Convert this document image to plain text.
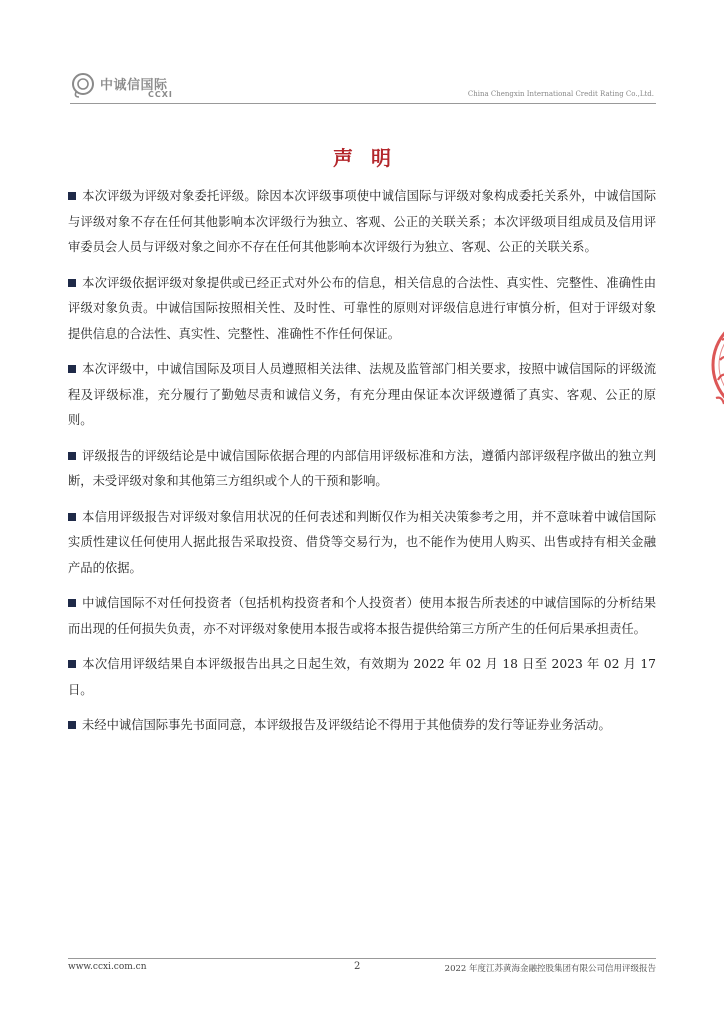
中诚信国际
CCXI	China Chengxin International Credit Rating Co.,Ltd.
声明
本次评级为评级对象委托评级。除因本次评级事项使中诚信国际与评级对象构成委托关系外，中诚信国际与评级对象不存在任何其他影响本次评级行为独立、客观、公正的关联关系；本次评级项目组成员及信用评审委员会人员与评级对象之间亦不存在任何其他影响本次评级行为独立、客观、公正的关联关系。
本次评级依据评级对象提供或已经正式对外公布的信息，相关信息的合法性、真实性、完整性、准确性由评级对象负责。中诚信国际按照相关性、及时性、可靠性的原则对评级信息进行审慎分析，但对于评级对象提供信息的合法性、真实性、完整性、准确性不作任何保证。
本次评级中，中诚信国际及项目人员遵照相关法律、法规及监管部门相关要求，按照中诚信国际的评级流程及评级标准，充分履行了勤勉尽责和诚信义务，有充分理由保证本次评级遵循了真实、客观、公正的原则。
评级报告的评级结论是中诚信国际依据合理的内部信用评级标准和方法，遵循内部评级程序做出的独立判断，未受评级对象和其他第三方组织或个人的干预和影响。
本信用评级报告对评级对象信用状况的任何表述和判断仅作为相关决策参考之用，并不意味着中诚信国际实质性建议任何使用人据此报告采取投资、借贷等交易行为，也不能作为使用人购买、出售或持有相关金融产品的依据。
中诚信国际不对任何投资者（包括机构投资者和个人投资者）使用本报告所表述的中诚信国际的分析结果而出现的任何损失负责，亦不对评级对象使用本报告或将本报告提供给第三方所产生的任何后果承担责任。
本次信用评级结果自本评级报告出具之日起生效，有效期为 2022 年 02 月 18 日至 2023 年 02 月 17 日。
未经中诚信国际事先书面同意，本评级报告及评级结论不得用于其他债券的发行等证券业务活动。
www.ccxi.com.cn	2	2022 年度江苏黄海金融控股集团有限公司信用评级报告
